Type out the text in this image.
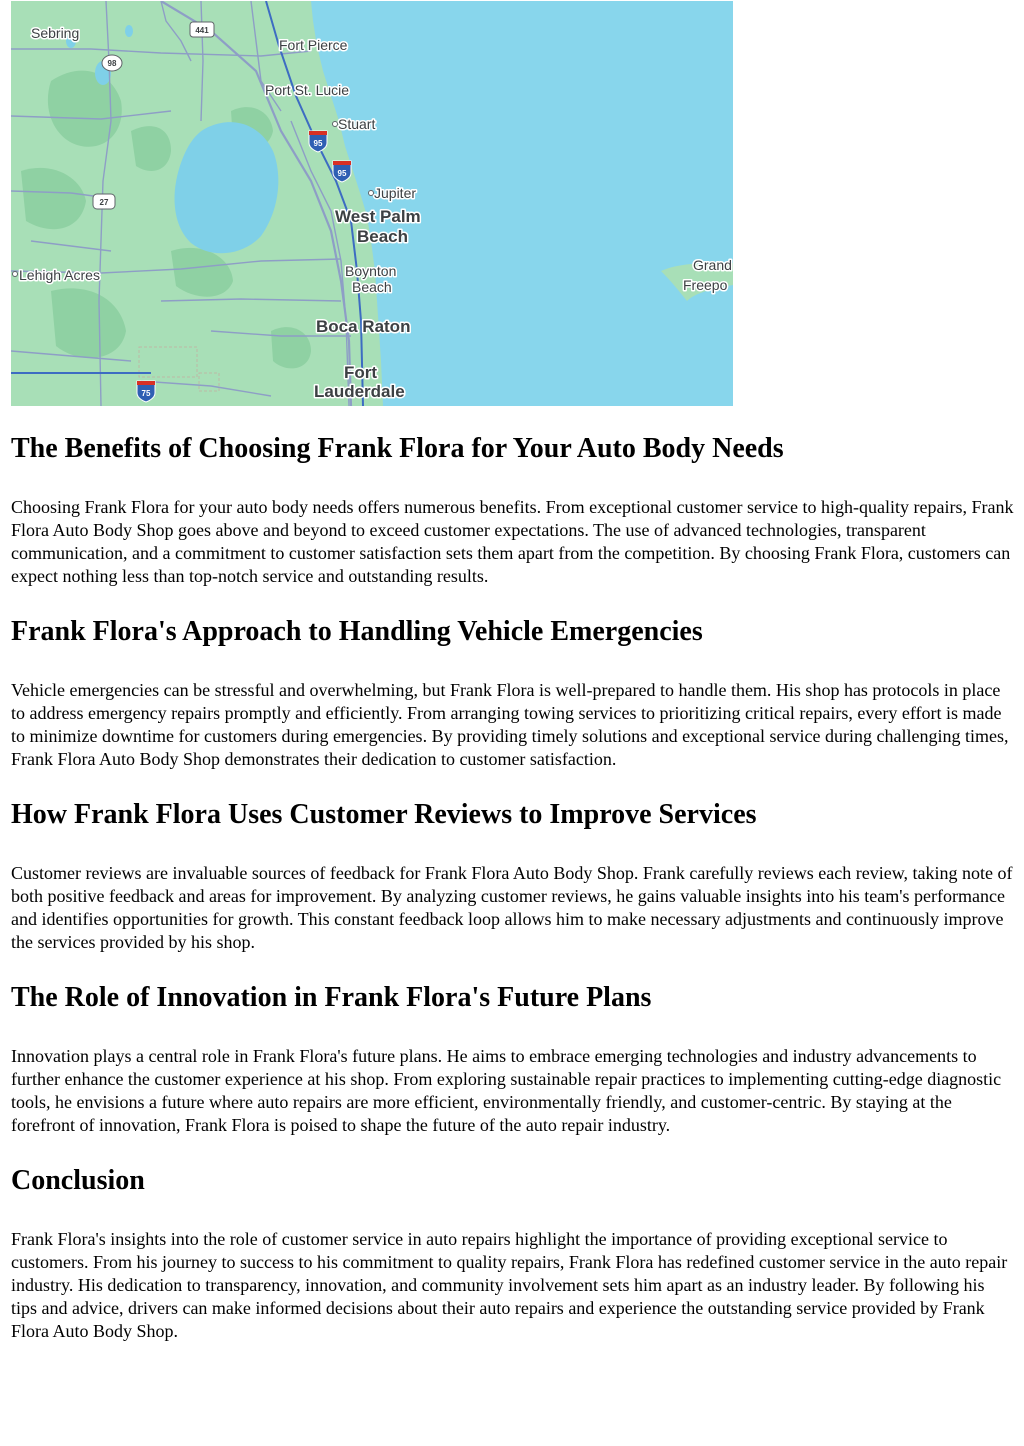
Sebring
Fort Pierce
Port St. Lucie
Stuart
Jupiter
West Palm
Beach
Lehigh Acres	Boynton
Beach
Boca Raton
Fort
Lauderdale
Grand
Freepo
441
98
27
95
95
75
The Benefits of Choosing Frank Flora for Your Auto Body Needs

Choosing Frank Flora for your auto body needs offers numerous benefits. From exceptional customer service to high-quality repairs, Frank Flora Auto Body Shop goes above and beyond to exceed customer expectations. The use of advanced technologies, transparent communication, and a commitment to customer satisfaction sets them apart from the competition. By choosing Frank Flora, customers can expect nothing less than top-notch service and outstanding results.

Frank Flora's Approach to Handling Vehicle Emergencies

Vehicle emergencies can be stressful and overwhelming, but Frank Flora is well-prepared to handle them. His shop has protocols in place to address emergency repairs promptly and efficiently. From arranging towing services to prioritizing critical repairs, every effort is made to minimize downtime for customers during emergencies. By providing timely solutions and exceptional service during challenging times, Frank Flora Auto Body Shop demonstrates their dedication to customer satisfaction.

How Frank Flora Uses Customer Reviews to Improve Services

Customer reviews are invaluable sources of feedback for Frank Flora Auto Body Shop. Frank carefully reviews each review, taking note of both positive feedback and areas for improvement. By analyzing customer reviews, he gains valuable insights into his team's performance and identifies opportunities for growth. This constant feedback loop allows him to make necessary adjustments and continuously improve the services provided by his shop.

The Role of Innovation in Frank Flora's Future Plans

Innovation plays a central role in Frank Flora's future plans. He aims to embrace emerging technologies and industry advancements to further enhance the customer experience at his shop. From exploring sustainable repair practices to implementing cutting-edge diagnostic tools, he envisions a future where auto repairs are more efficient, environmentally friendly, and customer-centric. By staying at the forefront of innovation, Frank Flora is poised to shape the future of the auto repair industry.

Conclusion

Frank Flora's insights into the role of customer service in auto repairs highlight the importance of providing exceptional service to customers. From his journey to success to his commitment to quality repairs, Frank Flora has redefined customer service in the auto repair industry. His dedication to transparency, innovation, and community involvement sets him apart as an industry leader. By following his tips and advice, drivers can make informed decisions about their auto repairs and experience the outstanding service provided by Frank Flora Auto Body Shop.
